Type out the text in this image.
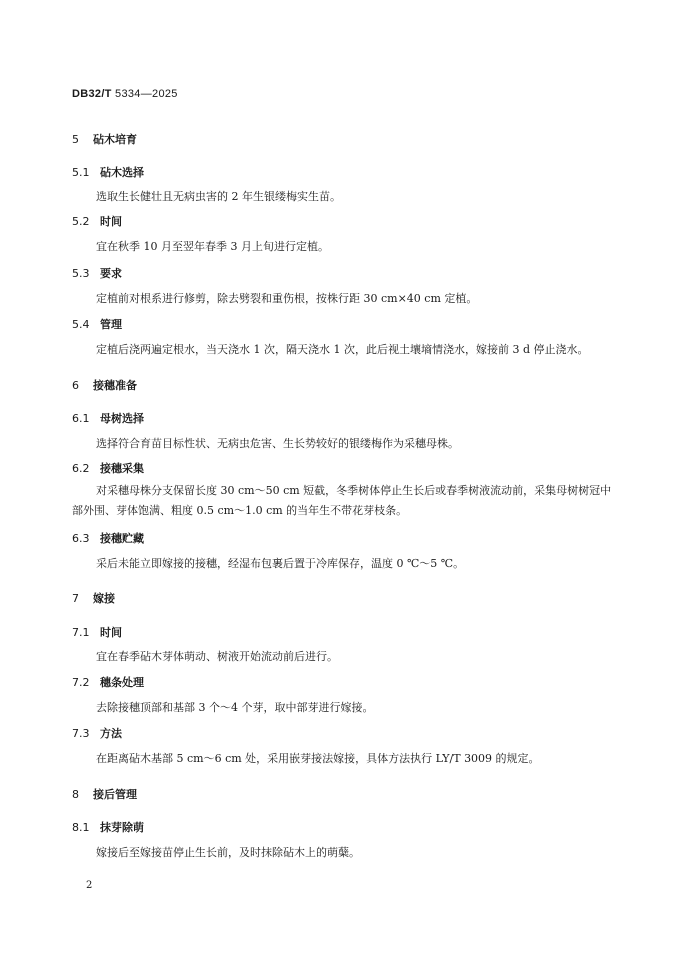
DB32/T 5334—2025
5 砧木培育
5.1 砧木选择
选取生长健壮且无病虫害的 2 年生银缕梅实生苗。
5.2 时间
宜在秋季 10 月至翌年春季 3 月上旬进行定植。
5.3 要求
定植前对根系进行修剪，除去劈裂和重伤根，按株行距 30 cm×40 cm 定植。
5.4 管理
定植后浇两遍定根水，当天浇水 1 次，隔天浇水 1 次，此后视土壤墒情浇水，嫁接前 3 d 停止浇水。
6 接穗准备
6.1 母树选择
选择符合育苗目标性状、无病虫危害、生长势较好的银缕梅作为采穗母株。
6.2 接穗采集
对采穗母株分支保留长度 30 cm～50 cm 短截，冬季树体停止生长后或春季树液流动前，采集母树树冠中部外围、芽体饱满、粗度 0.5 cm～1.0 cm 的当年生不带花芽枝条。
6.3 接穗贮藏
采后未能立即嫁接的接穗，经湿布包裹后置于冷库保存，温度 0 ℃～5 ℃。
7 嫁接
7.1 时间
宜在春季砧木芽体萌动、树液开始流动前后进行。
7.2 穗条处理
去除接穗顶部和基部 3 个～4 个芽，取中部芽进行嫁接。
7.3 方法
在距离砧木基部 5 cm～6 cm 处，采用嵌芽接法嫁接，具体方法执行 LY/T 3009 的规定。
8 接后管理
8.1 抹芽除萌
嫁接后至嫁接苗停止生长前，及时抹除砧木上的萌蘖。
2
